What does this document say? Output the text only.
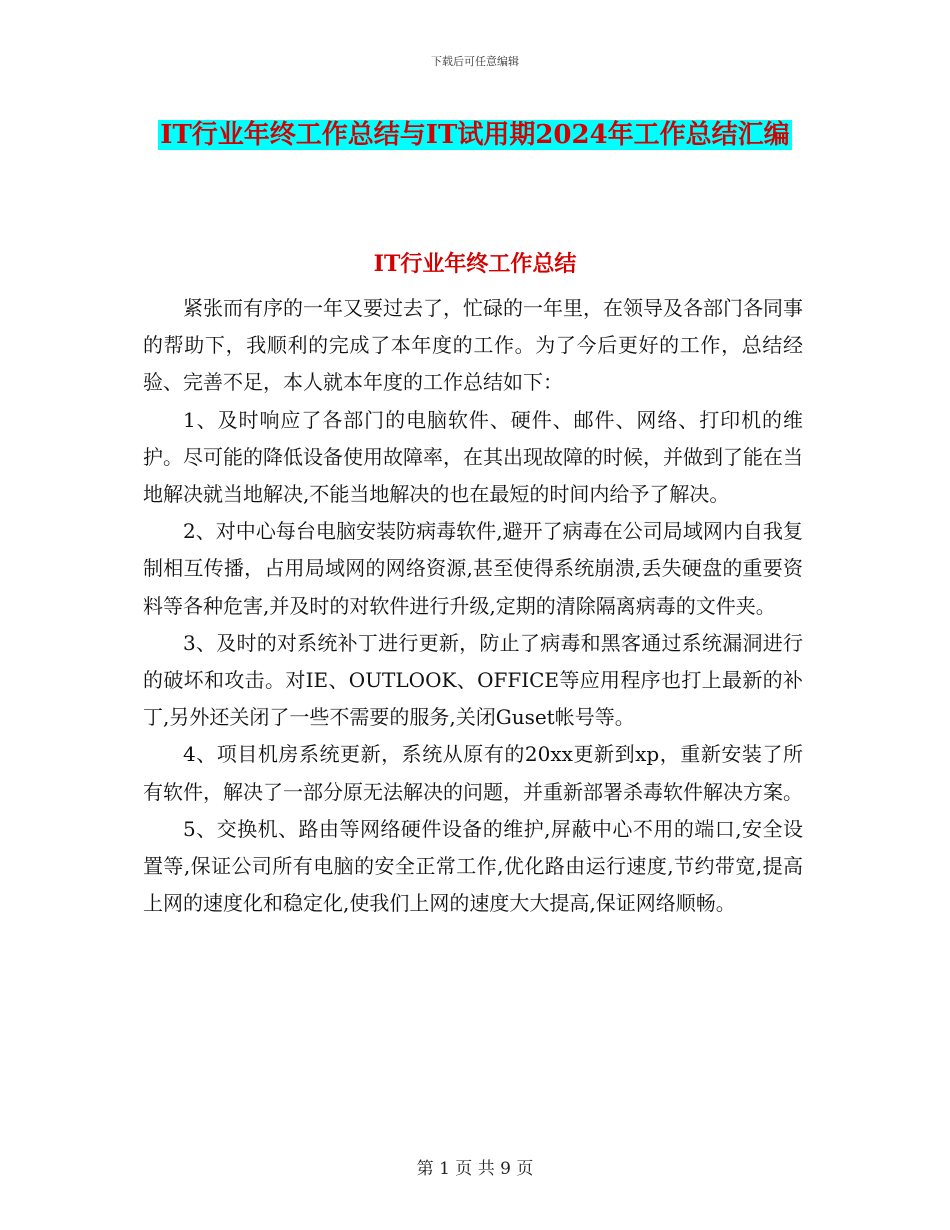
下载后可任意编辑
IT行业年终工作总结与IT试用期2024年工作总结汇编
IT行业年终工作总结

紧张而有序的一年又要过去了，忙碌的一年里，在领导及各部门各同事的帮助下，我顺利的完成了本年度的工作。为了今后更好的工作，总结经验、完善不足，本人就本年度的工作总结如下：

1、及时响应了各部门的电脑软件、硬件、邮件、网络、打印机的维护。尽可能的降低设备使用故障率，在其出现故障的时候，并做到了能在当地解决就当地解决,不能当地解决的也在最短的时间内给予了解决。

2、对中心每台电脑安装防病毒软件,避开了病毒在公司局域网内自我复制相互传播，占用局域网的网络资源,甚至使得系统崩溃,丢失硬盘的重要资料等各种危害,并及时的对软件进行升级,定期的清除隔离病毒的文件夹。

3、及时的对系统补丁进行更新，防止了病毒和黑客通过系统漏洞进行的破坏和攻击。对IE、OUTLOOK、OFFICE等应用程序也打上最新的补丁,另外还关闭了一些不需要的服务,关闭Guset帐号等。

4、项目机房系统更新，系统从原有的20xx更新到xp，重新安装了所有软件，解决了一部分原无法解决的问题，并重新部署杀毒软件解决方案。

5、交换机、路由等网络硬件设备的维护,屏蔽中心不用的端口,安全设置等,保证公司所有电脑的安全正常工作,优化路由运行速度,节约带宽,提高上网的速度化和稳定化,使我们上网的速度大大提高,保证网络顺畅。

第 1 页 共 9 页
